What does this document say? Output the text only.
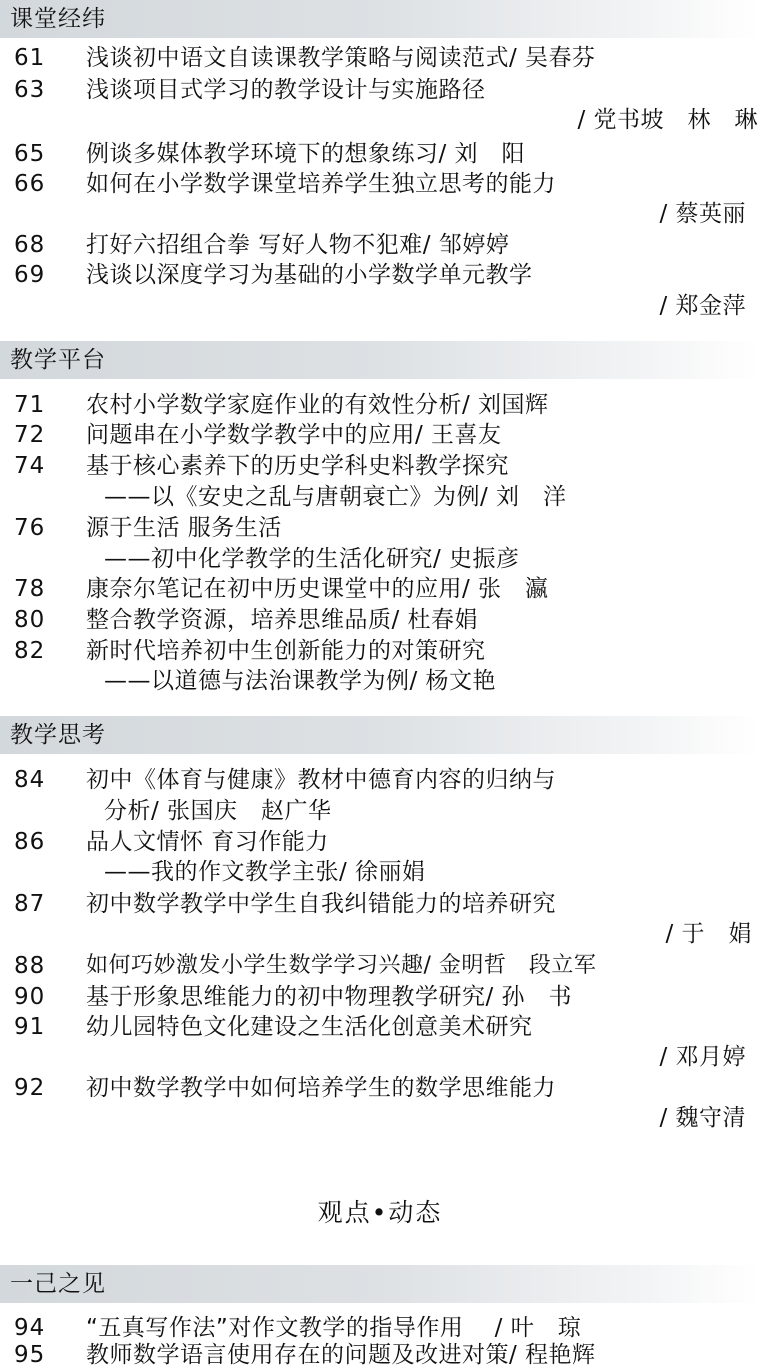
课堂经纬
教学平台
教学思考
一己之见
观点•动态
61 浅谈初中语文自读课教学策略与阅读范式/ 吴春芬
63 浅谈项目式学习的教学设计与实施路径
/ 党书坡　林　琳
65 例谈多媒体教学环境下的想象练习/ 刘　阳
66 如何在小学数学课堂培养学生独立思考的能力
/ 蔡英丽
68 打好六招组合拳 写好人物不犯难/ 邹婷婷
69 浅谈以深度学习为基础的小学数学单元教学
/ 郑金萍
71 农村小学数学家庭作业的有效性分析/ 刘国辉
72 问题串在小学数学教学中的应用/ 王喜友
74 基于核心素养下的历史学科史料教学探究
——以《安史之乱与唐朝衰亡》为例/ 刘　洋
76 源于生活 服务生活
——初中化学教学的生活化研究/ 史振彦
78 康奈尔笔记在初中历史课堂中的应用/ 张　瀛
80 整合教学资源，培养思维品质/ 杜春娟
82 新时代培养初中生创新能力的对策研究
——以道德与法治课教学为例/ 杨文艳
84 初中《体育与健康》教材中德育内容的归纳与
分析/ 张国庆　赵广华
86 品人文情怀 育习作能力
——我的作文教学主张/ 徐丽娟
87 初中数学教学中学生自我纠错能力的培养研究
/ 于　娟
88 如何巧妙激发小学生数学学习兴趣/ 金明哲　段立军
90 基于形象思维能力的初中物理教学研究/ 孙　书
91 幼儿园特色文化建设之生活化创意美术研究
/ 邓月婷
92 初中数学教学中如何培养学生的数学思维能力
/ 魏守清
94 “五真写作法”对作文教学的指导作用　 / 叶　琼
95 教师数学语言使用存在的问题及改进对策/ 程艳辉
